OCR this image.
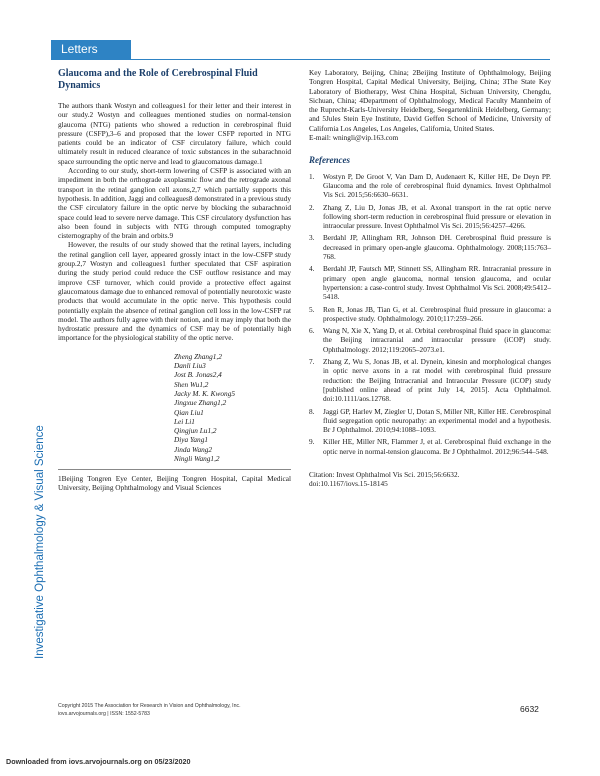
Letters
Investigative Ophthalmology & Visual Science
Glaucoma and the Role of Cerebrospinal Fluid Dynamics

The authors thank Wostyn and colleagues1 for their letter and their interest in our study.2 Wostyn and colleagues mentioned studies on normal-tension glaucoma (NTG) patients who showed a reduction in cerebrospinal fluid pressure (CSFP),3–6 and proposed that the lower CSFP reported in NTG patients could be an indicator of CSF circulatory failure, which could ultimately result in reduced clearance of toxic substances in the subarachnoid space surrounding the optic nerve and lead to glaucomatous damage.1

According to our study, short-term lowering of CSFP is associated with an impediment in both the orthograde axoplasmic flow and the retrograde axonal transport in the retinal ganglion cell axons,2,7 which partially supports this hypothesis. In addition, Jaggi and colleagues8 demonstrated in a previous study the CSF circulatory failure in the optic nerve by blocking the subarachnoid space could lead to severe nerve damage. This CSF circulatory dysfunction has also been found in subjects with NTG through computed tomography cisternography of the brain and orbits.9

However, the results of our study showed that the retinal layers, including the retinal ganglion cell layer, appeared grossly intact in the low-CSFP study group.2,7 Wostyn and colleagues1 further speculated that CSF aspiration during the study period could reduce the CSF outflow resistance and may improve CSF turnover, which could provide a protective effect against glaucomatous damage due to enhanced removal of potentially neurotoxic waste products that would accumulate in the optic nerve. This hypothesis could potentially explain the absence of retinal ganglion cell loss in the low-CSFP rat model. The authors fully agree with their notion, and it may imply that both the hydrostatic pressure and the dynamics of CSF may be of potentially high importance for the physiological stability of the optic nerve.

Zheng Zhang1,2
Danli Liu3
Jost B. Jonas2,4
Shen Wu1,2
Jacky M. K. Kwong5
Jingxue Zhang1,2
Qian Liu1
Lei Li1
Qingjun Lu1,2
Diya Yang1
Jinda Wang2
Ningli Wang1,2
1Beijing Tongren Eye Center, Beijing Tongren Hospital, Capital Medical University, Beijing Ophthalmology and Visual Sciences
Key Laboratory, Beijing, China; 2Beijing Institute of Ophthalmology, Beijing Tongren Hospital, Capital Medical University, Beijing, China; 3The State Key Laboratory of Biotherapy, West China Hospital, Sichuan University, Chengdu, Sichuan, China; 4Department of Ophthalmology, Medical Faculty Mannheim of the Ruprecht-Karls-University Heidelberg, Seegartenklinik Heidelberg, Germany; and 5Jules Stein Eye Institute, David Geffen School of Medicine, University of California Los Angeles, Los Angeles, California, United States.
E-mail: wningli@vip.163.com
References
1. Wostyn P, De Groot V, Van Dam D, Audenaert K, Killer HE, De Deyn PP. Glaucoma and the role of cerebrospinal fluid dynamics. Invest Ophthalmol Vis Sci. 2015;56:6630–6631.
2. Zhang Z, Liu D, Jonas JB, et al. Axonal transport in the rat optic nerve following short-term reduction in cerebrospinal fluid pressure or elevation in intraocular pressure. Invest Ophthalmol Vis Sci. 2015;56:4257–4266.
3. Berdahl JP, Allingham RR, Johnson DH. Cerebrospinal fluid pressure is decreased in primary open-angle glaucoma. Ophthalmology. 2008;115:763–768.
4. Berdahl JP, Fautsch MP, Stinnett SS, Allingham RR. Intracranial pressure in primary open angle glaucoma, normal tension glaucoma, and ocular hypertension: a case-control study. Invest Ophthalmol Vis Sci. 2008;49:5412–5418.
5. Ren R, Jonas JB, Tian G, et al. Cerebrospinal fluid pressure in glaucoma: a prospective study. Ophthalmology. 2010;117:259–266.
6. Wang N, Xie X, Yang D, et al. Orbital cerebrospinal fluid space in glaucoma: the Beijing intracranial and intraocular pressure (iCOP) study. Ophthalmology. 2012;119:2065–2073.e1.
7. Zhang Z, Wu S, Jonas JB, et al. Dynein, kinesin and morphological changes in optic nerve axons in a rat model with cerebrospinal fluid pressure reduction: the Beijing Intracranial and Intraocular Pressure (iCOP) study [published online ahead of print July 14, 2015]. Acta Ophthalmol. doi:10.1111/aos.12768.
8. Jaggi GP, Harlev M, Ziegler U, Dotan S, Miller NR, Killer HE. Cerebrospinal fluid segregation optic neuropathy: an experimental model and a hypothesis. Br J Ophthalmol. 2010;94:1088–1093.
9. Killer HE, Miller NR, Flammer J, et al. Cerebrospinal fluid exchange in the optic nerve in normal-tension glaucoma. Br J Ophthalmol. 2012;96:544–548.
Citation: Invest Ophthalmol Vis Sci. 2015;56:6632.
doi:10.1167/iovs.15-18145
Copyright 2015 The Association for Research in Vision and Ophthalmology, Inc.
iovs.arvojournals.org | ISSN: 1552-5783	6632
Downloaded from iovs.arvojournals.org on 05/23/2020
